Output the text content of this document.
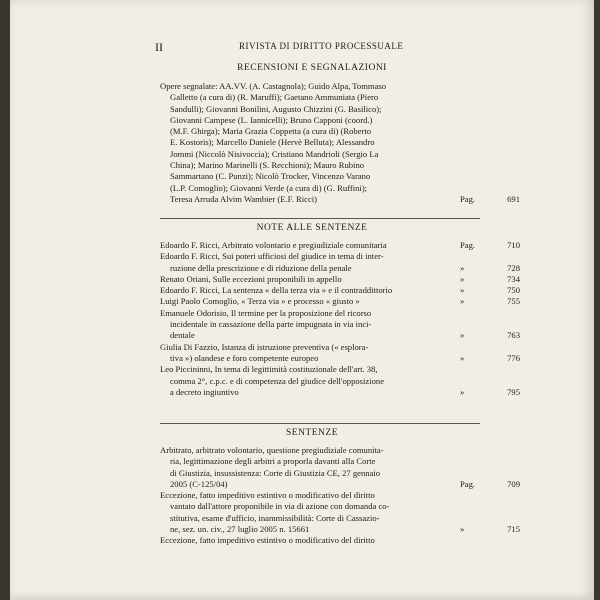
II	RIVISTA DI DIRITTO PROCESSUALE
RECENSIONI E SEGNALAZIONI
Opere segnalate: AA.VV. (A. Castagnola); Guido Alpa, Tommaso
Galletto (a cura di) (R. Maruffi); Gaetano Ammuniata (Piero
Sandulli); Giovanni Bonilini, Augusto Chizzini (G. Basilico);
Giovanni Campese (L. Iannicelli); Bruno Capponi (coord.)
(M.F. Ghirga); Maria Grazia Coppetta (a cura di) (Roberto
E. Kostoris); Marcello Daniele (Hervè Belluta); Alessandro
Jommi (Niccolò Nisivoccia); Cristiano Mandrioli (Sergio La
China); Marino Marinelli (S. Recchioni); Mauro Rubino
Sammartano (C. Punzi); Nicolò Trocker, Vincenzo Varano
(L.P. Comoglio); Giovanni Verde (a cura di) (G. Ruffini);
Teresa Arruda Alvim Wambier (E.F. Ricci)	Pag.	691
NOTE ALLE SENTENZE
Edoardo F. Ricci, Arbitrato volontario e pregiudiziale comunitaria	Pag.	710
Edoardo F. Ricci, Sui poteri ufficiosi del giudice in tema di inter-
ruzione della prescrizione e di riduzione della penale	»	728
Renato Oriani, Sulle eccezioni proponibili in appello	»	734
Edoardo F. Ricci, La sentenza « della terza via » e il contraddittorio	»	750
Luigi Paolo Comoglio, « Terza via » e processo « giusto »	»	755
Emanuele Odorisio, Il termine per la proposizione del ricorso
incidentale in cassazione della parte impugnata in via inci-
dentale	»	763
Giulia Di Fazzio, Istanza di istruzione preventiva (« esplora-
tiva ») olandese e foro competente europeo	»	776
Leo Piccininni, In tema di legittimità costituzionale dell'art. 38,
comma 2°, c.p.c. e di competenza del giudice dell'opposizione
a decreto ingiuntivo	»	795
SENTENZE
Arbitrato, arbitrato volontario, questione pregiudiziale comunita-
ria, legittimazione degli arbitri a proporla davanti alla Corte
di Giustizia, insussistenza: Corte di Giustizia CE, 27 gennaio
2005 (C-125/04)	Pag.	709
Eccezione, fatto impeditivo estintivo o modificativo del diritto
vantato dall'attore proponibile in via di azione con domanda co-
stitutiva, esame d'ufficio, inammissibilità: Corte di Cassazio-
ne, sez. un. civ., 27 luglio 2005 n. 15661	»	715
Eccezione, fatto impeditivo estintivo o modificativo del diritto
